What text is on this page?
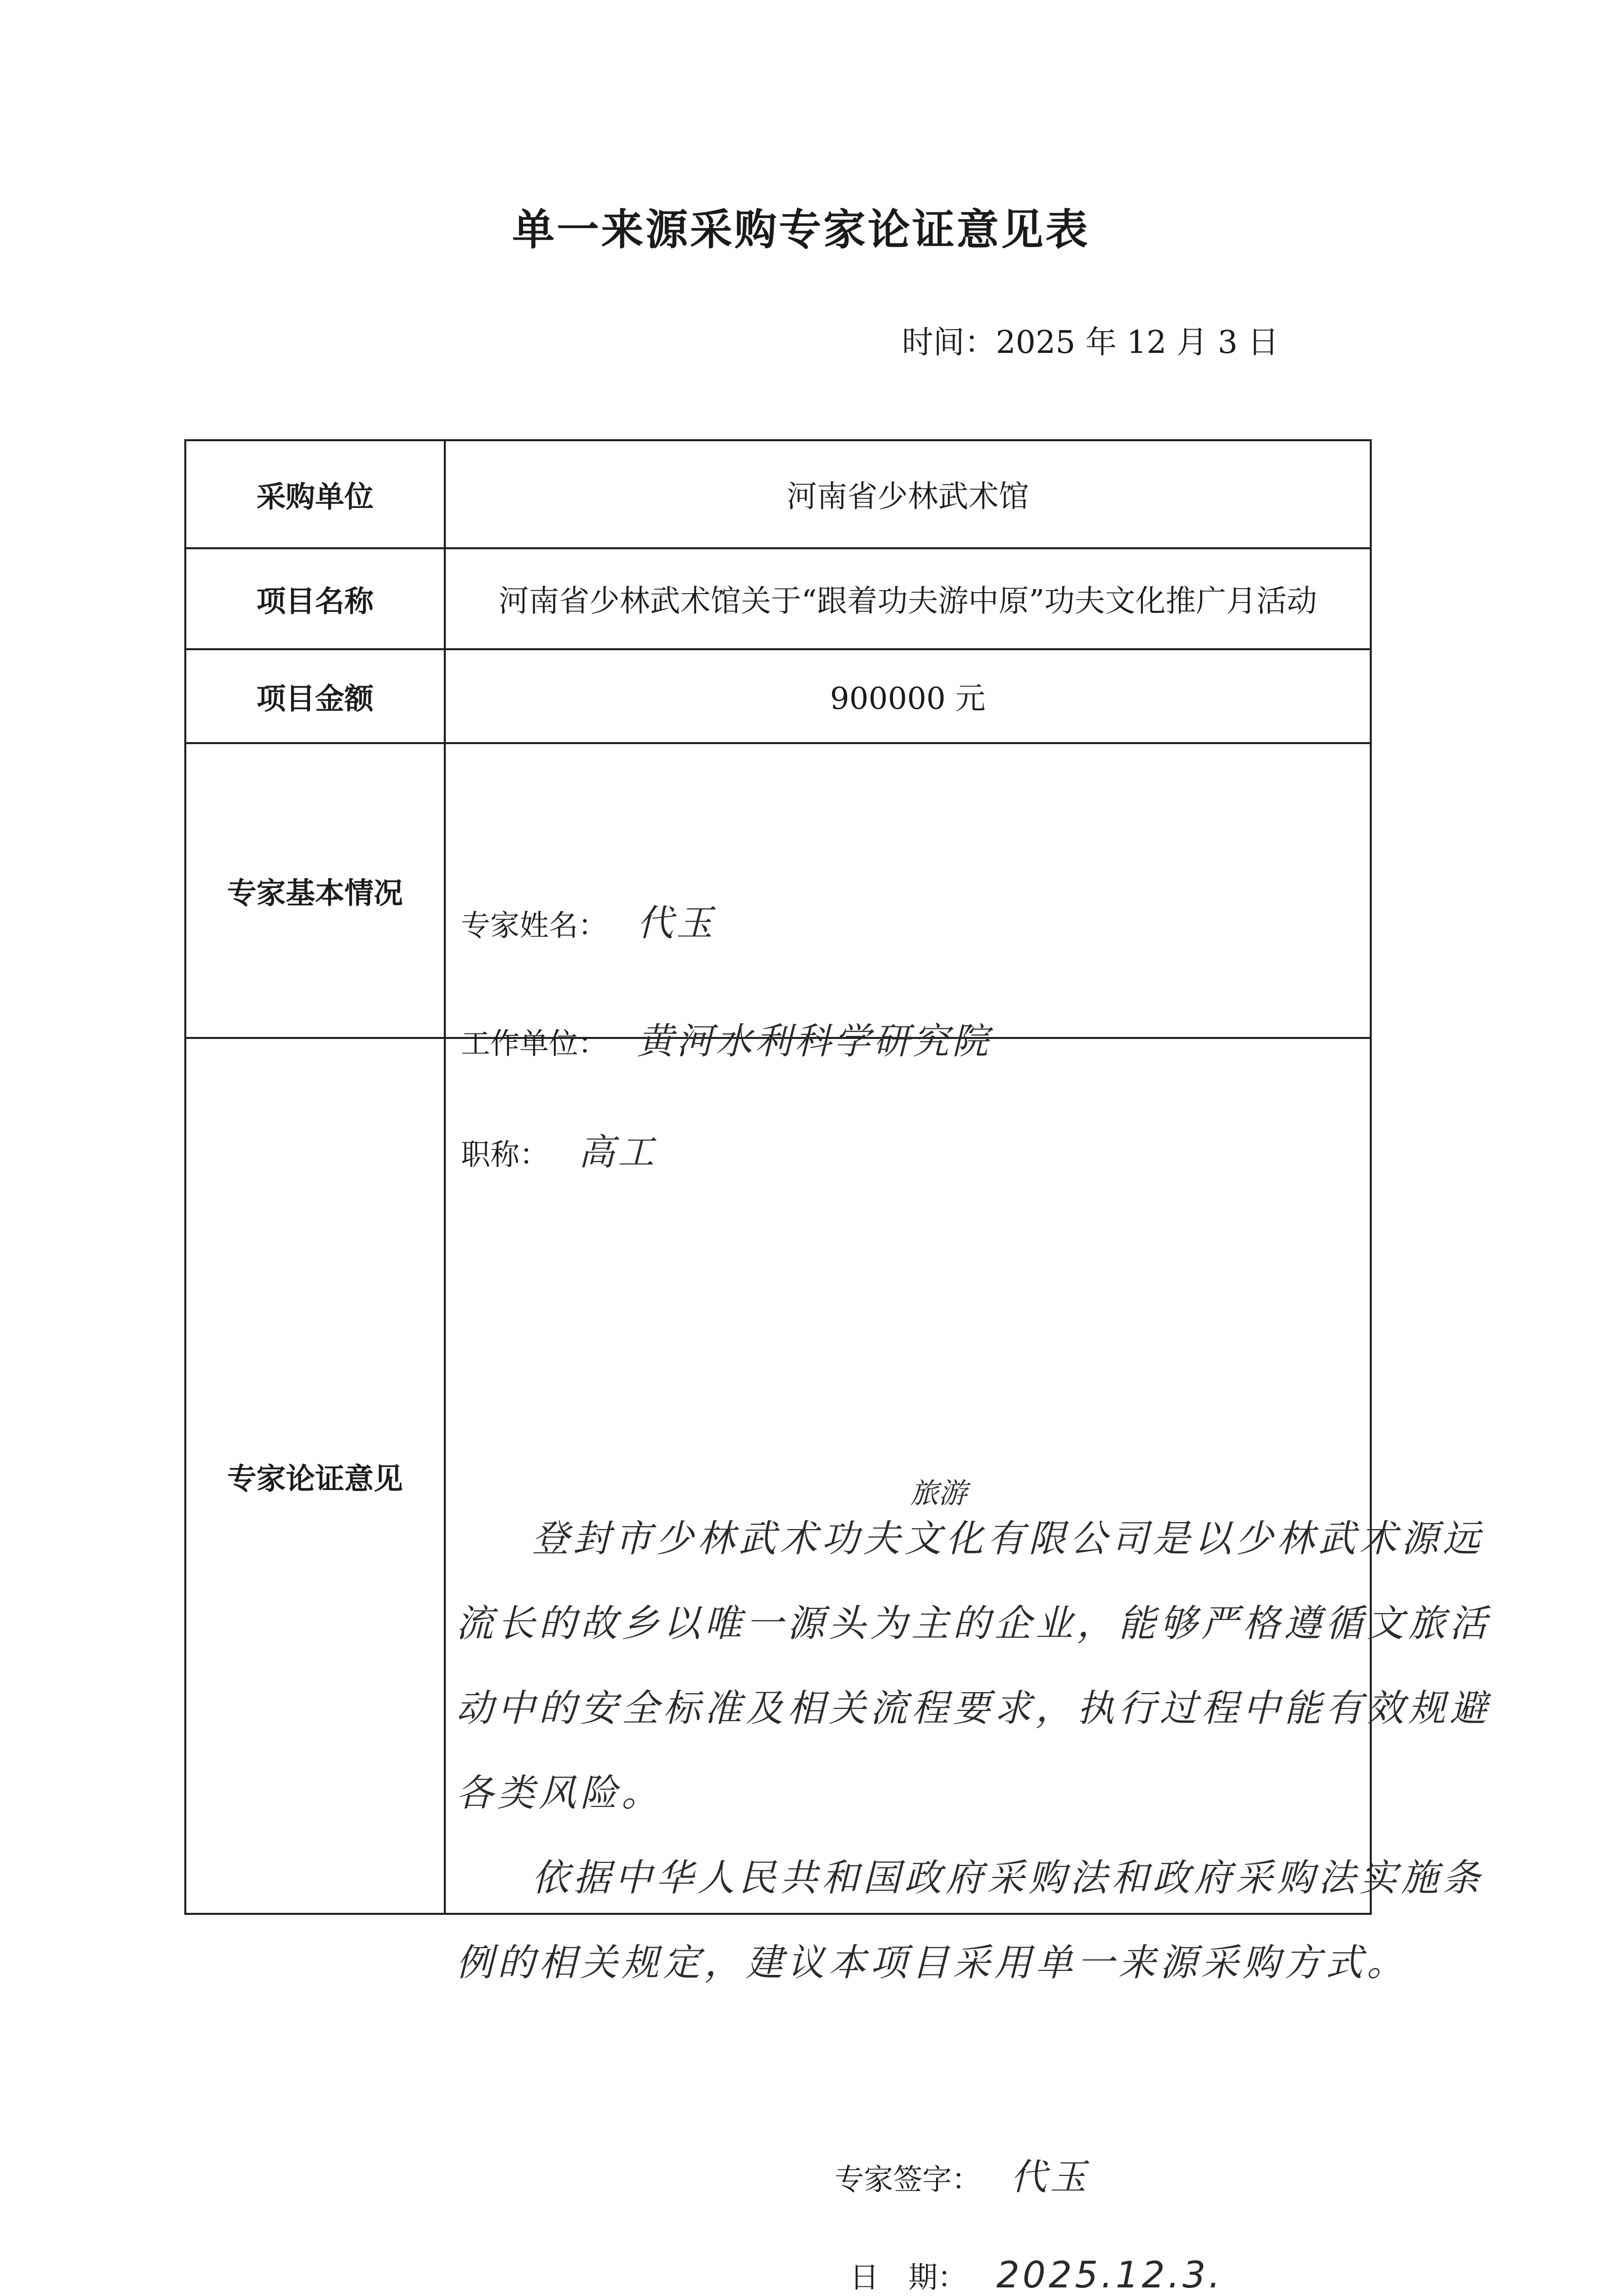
单一来源采购专家论证意见表
时间：2025 年 12 月 3 日
采购单位	河南省少林武术馆
项目名称	河南省少林武术馆关于“跟着功夫游中原”功夫文化推广月活动
项目金额	900000 元
专家基本情况	专家姓名： 代玉
工作单位： 黄河水利科学研究院
职称： 高工

专家论证意见	旅游

登封市少林武术功夫文化有限公司是以少林武术源远流长的故乡以唯一源头为主的企业，能够严格遵循文旅活动中的安全标准及相关流程要求，执行过程中能有效规避各类风险。

依据中华人民共和国政府采购法和政府采购法实施条例的相关规定，建议本项目采用单一来源采购方式。

专家签字： 代玉
日　期： 2025.12.3.
